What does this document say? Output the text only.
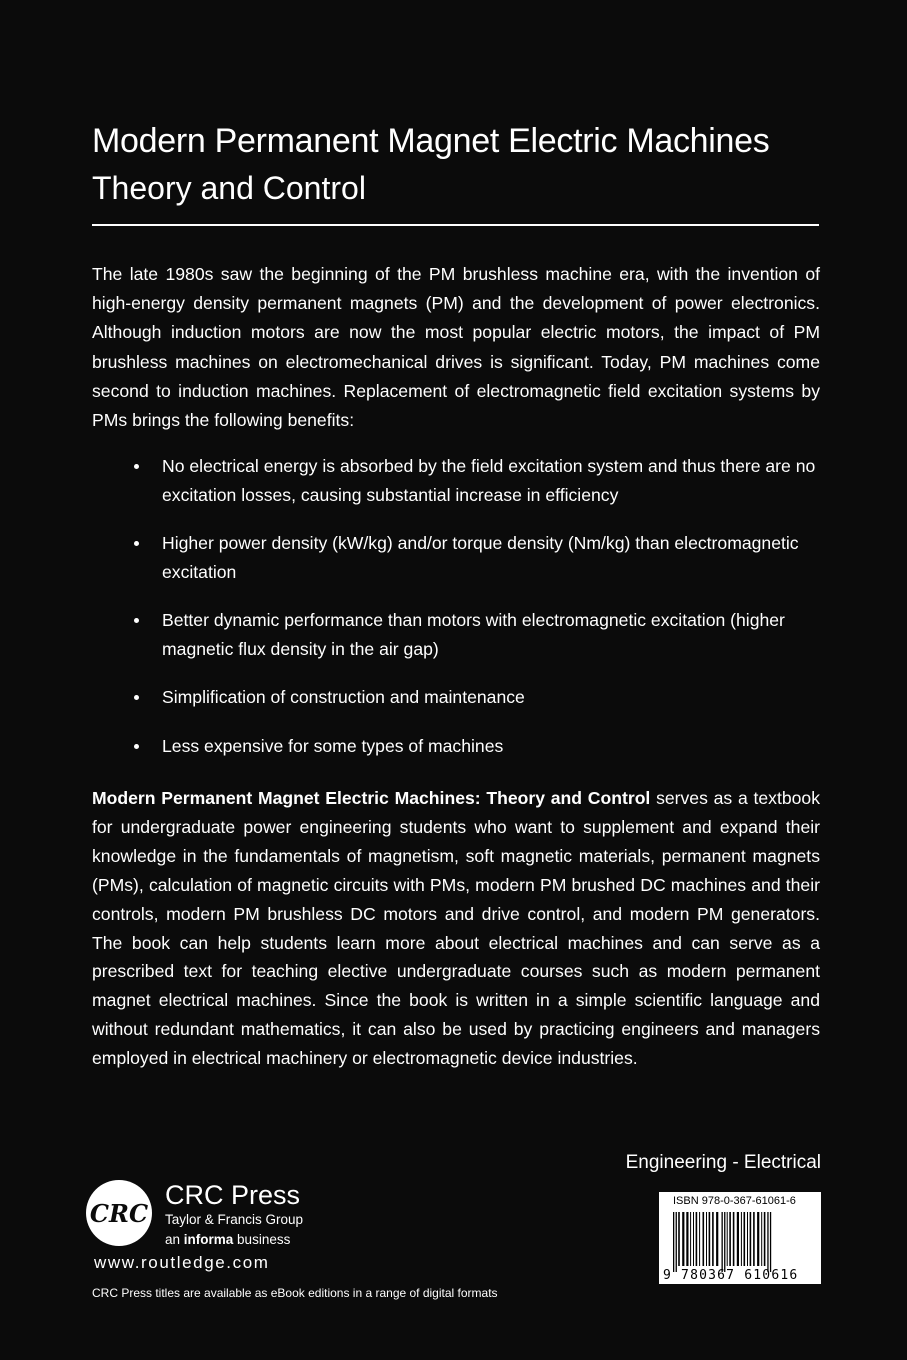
Modern Permanent Magnet Electric Machines
Theory and Control

The late 1980s saw the beginning of the PM brushless machine era, with the invention of high-energy density permanent magnets (PM) and the development of power electronics. Although induction motors are now the most popular electric motors, the impact of PM brushless machines on electromechanical drives is significant. Today, PM machines come second to induction machines. Replacement of electromagnetic field excitation systems by PMs brings the following benefits:

No electrical energy is absorbed by the field excitation system and thus there are no excitation losses, causing substantial increase in efficiency
Higher power density (kW/kg) and/or torque density (Nm/kg) than electromagnetic excitation
Better dynamic performance than motors with electromagnetic excitation (higher magnetic flux density in the air gap)
Simplification of construction and maintenance
Less expensive for some types of machines

Modern Permanent Magnet Electric Machines: Theory and Control serves as a textbook for undergraduate power engineering students who want to supplement and expand their knowledge in the fundamentals of magnetism, soft magnetic materials, permanent magnets (PMs), calculation of magnetic circuits with PMs, modern PM brushed DC machines and their controls, modern PM brushless DC motors and drive control, and modern PM generators. The book can help students learn more about electrical machines and can serve as a prescribed text for teaching elective undergraduate courses such as modern permanent magnet electrical machines. Since the book is written in a simple scientific language and without redundant mathematics, it can also be used by practicing engineers and managers employed in electrical machinery or electromagnetic device industries.

Engineering - Electrical
CRC
CRC Press
Taylor & Francis Group
an informa business
www.routledge.com
CRC Press titles are available as eBook editions in a range of digital formats
ISBN 978-0-367-61061-6
9 780367 610616
